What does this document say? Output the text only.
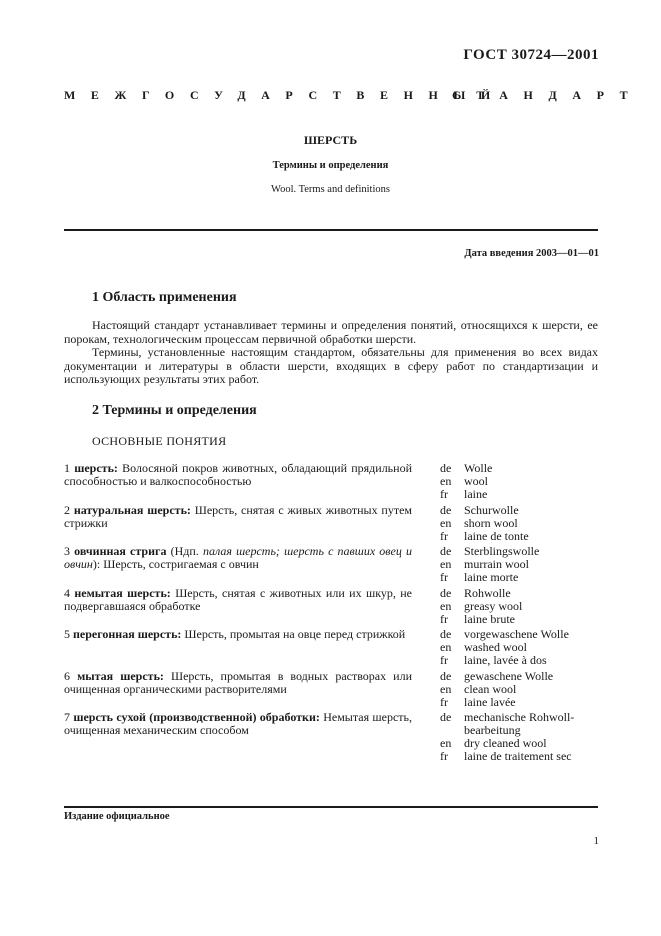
ГОСТ 30724—2001
МЕЖГОСУДАРСТВЕННЫЙ
СТАНДАРТ
ШЕРСТЬ
Термины и определения
Wool. Terms and definitions
Дата введения 2003—01—01
1 Область применения
Настоящий стандарт устанавливает термины и определения понятий, относящихся к шерсти, ее порокам, технологическим процессам первичной обработки шерсти.
Термины, установленные настоящим стандартом, обязательны для применения во всех видах документации и литературы в области шерсти, входящих в сферу работ по стандартизации и использующих результаты этих работ.
2 Термины и определения
ОСНОВНЫЕ ПОНЯТИЯ
1 шерсть: Волосяной покров животных, обладающий прядильной способностью и валкоспособностью
de	Wolle
en	wool
fr	laine
2 натуральная шерсть: Шерсть, снятая с живых животных путем стрижки
de	Schurwolle
en	shorn wool
fr	laine de tonte
3 овчинная стрига (Ндп. палая шерсть; шерсть с павших овец и овчин): Шерсть, состригаемая с овчин
de	Sterblingswolle
en	murrain wool
fr	laine morte
4 немытая шерсть: Шерсть, снятая с животных или их шкур, не подвергавшаяся обработке
de	Rohwolle
en	greasy wool
fr	laine brute
5 перегонная шерсть: Шерсть, промытая на овце перед стрижкой	de	vorgewaschene Wolle
en	washed wool
fr	laine, lavée à dos
6 мытая шерсть: Шерсть, промытая в водных растворах или очищенная органическими растворителями
de	gewaschene Wolle
en	clean wool
fr	laine lavée
7 шерсть сухой (производственной) обработки: Немытая шерсть, очищенная механическим способом
de	mechanische Rohwoll-
bearbeitung
en	dry cleaned wool
fr	laine de traitement sec
Издание официальное
1
